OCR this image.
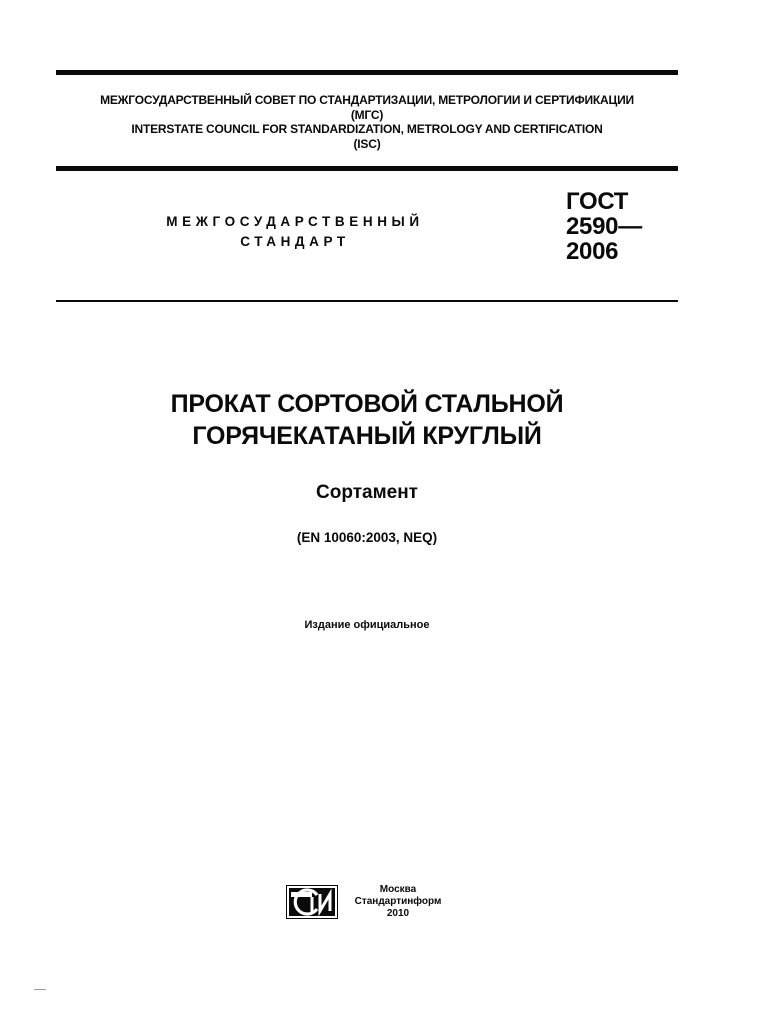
МЕЖГОСУДАРСТВЕННЫЙ СОВЕТ ПО СТАНДАРТИЗАЦИИ, МЕТРОЛОГИИ И СЕРТИФИКАЦИИ
(МГС)
INTERSTATE COUNCIL FOR STANDARDIZATION, METROLOGY AND CERTIFICATION
(ISC)
МЕЖГОСУДАРСТВЕННЫЙ
СТАНДАРТ
ГОСТ
2590—
2006
ПРОКАТ СОРТОВОЙ СТАЛЬНОЙ
ГОРЯЧЕКАТАНЫЙ КРУГЛЫЙ
Сортамент
(EN 10060:2003, NEQ)
Издание официальное
Москва
Стандартинформ
2010
